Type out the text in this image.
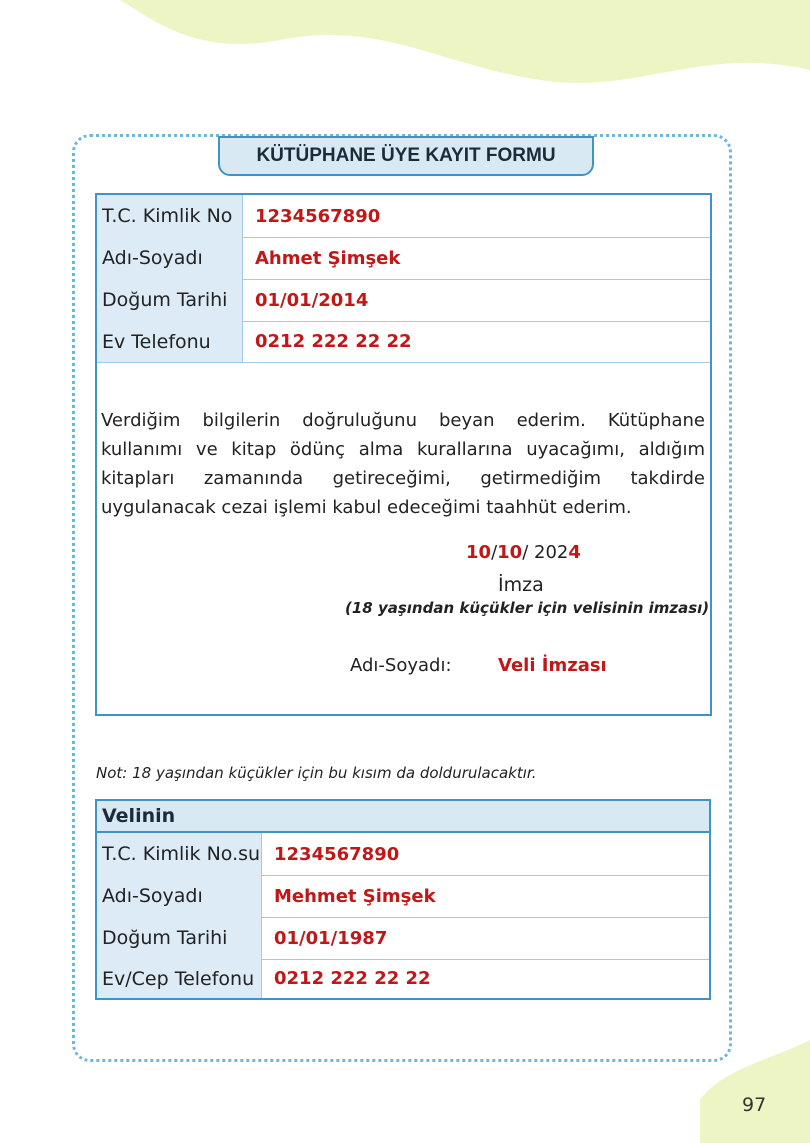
KÜTÜPHANE ÜYE KAYIT FORMU
T.C. Kimlik No	1234567890
Adı-Soyadı	Ahmet Şimşek
Doğum Tarihi	01/01/2014
Ev Telefonu	0212 222 22 22
Verdiğim bilgilerin doğruluğunu beyan ederim. Kütüphane kullanımı ve kitap ödünç alma kurallarına uyacağımı, aldığım kitapları zamanında getireceğimi, getirmediğim takdirde uygulanacak cezai işlemi kabul edeceğimi taahhüt ederim.
10/10/ 2024
İmza
(18 yaşından küçükler için velisinin imzası)
Adı-Soyadı:	Veli İmzası
Not: 18 yaşından küçükler için bu kısım da doldurulacaktır.
Velinin
T.C. Kimlik No.su 1234567890
Adı-Soyadı	Mehmet Şimşek
Doğum Tarihi	01/01/1987
Ev/Cep Telefonu	0212 222 22 22
97
